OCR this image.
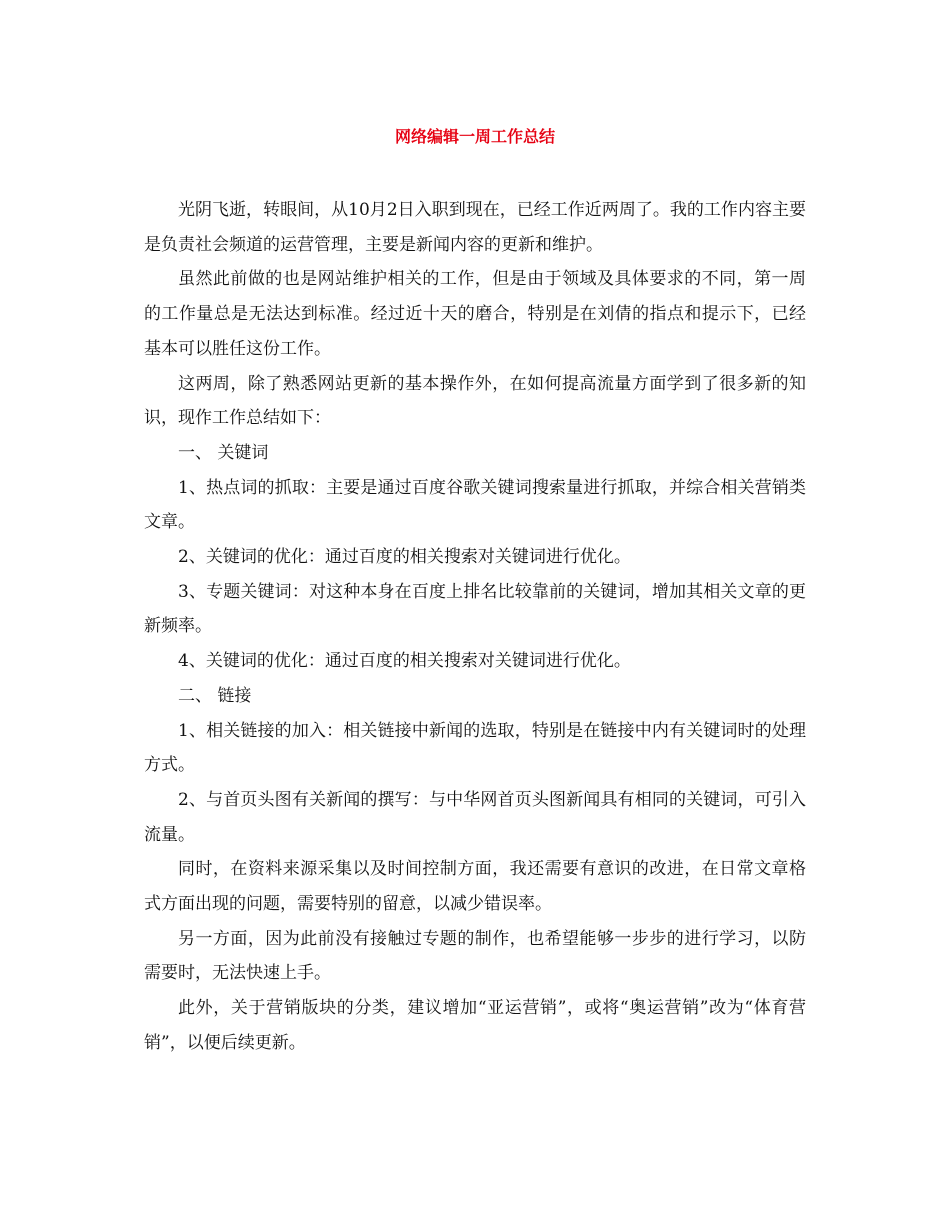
网络编辑一周工作总结

光阴飞逝，转眼间，从10月2日入职到现在，已经工作近两周了。我的工作内容主要是负责社会频道的运营管理，主要是新闻内容的更新和维护。

虽然此前做的也是网站维护相关的工作，但是由于领域及具体要求的不同，第一周的工作量总是无法达到标准。经过近十天的磨合，特别是在刘倩的指点和提示下，已经基本可以胜任这份工作。

这两周，除了熟悉网站更新的基本操作外，在如何提高流量方面学到了很多新的知识，现作工作总结如下：

一、 关键词

1、热点词的抓取：主要是通过百度谷歌关键词搜索量进行抓取，并综合相关营销类文章。

2、关键词的优化：通过百度的相关搜索对关键词进行优化。

3、专题关键词：对这种本身在百度上排名比较靠前的关键词，增加其相关文章的更新频率。

4、关键词的优化：通过百度的相关搜索对关键词进行优化。

二、 链接

1、相关链接的加入：相关链接中新闻的选取，特别是在链接中内有关键词时的处理方式。

2、与首页头图有关新闻的撰写：与中华网首页头图新闻具有相同的关键词，可引入流量。

同时，在资料来源采集以及时间控制方面，我还需要有意识的改进，在日常文章格式方面出现的问题，需要特别的留意，以减少错误率。

另一方面，因为此前没有接触过专题的制作，也希望能够一步步的进行学习，以防需要时，无法快速上手。

此外，关于营销版块的分类，建议增加“亚运营销”，或将“奥运营销”改为“体育营销”，以便后续更新。
